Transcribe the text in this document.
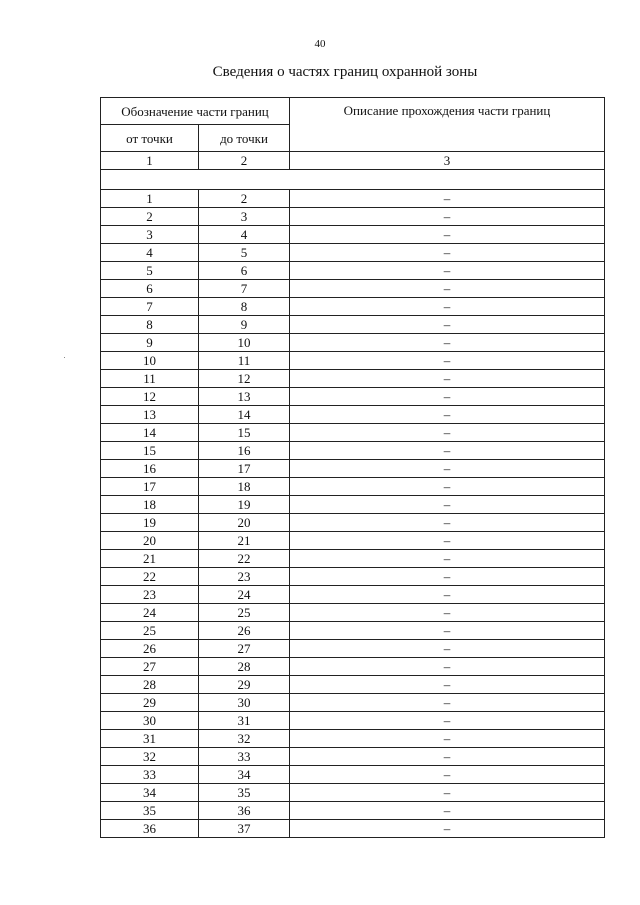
40
Сведения о частях границ охранной зоны
Обозначение части границ		Описание прохождения части границ
от точки	до точки	
1	2	3

1	2	–
2	3	–
3	4	–
4	5	–
5	6	–
6	7	–
7	8	–
8	9	–
9	10	–
10	11	–
11	12	–
12	13	–
13	14	–
14	15	–
15	16	–
16	17	–
17	18	–
18	19	–
19	20	–
20	21	–
21	22	–
22	23	–
23	24	–
24	25	–
25	26	–
26	27	–
27	28	–
28	29	–
29	30	–
30	31	–
31	32	–
32	33	–
33	34	–
34	35	–
35	36	–
36	37	–
